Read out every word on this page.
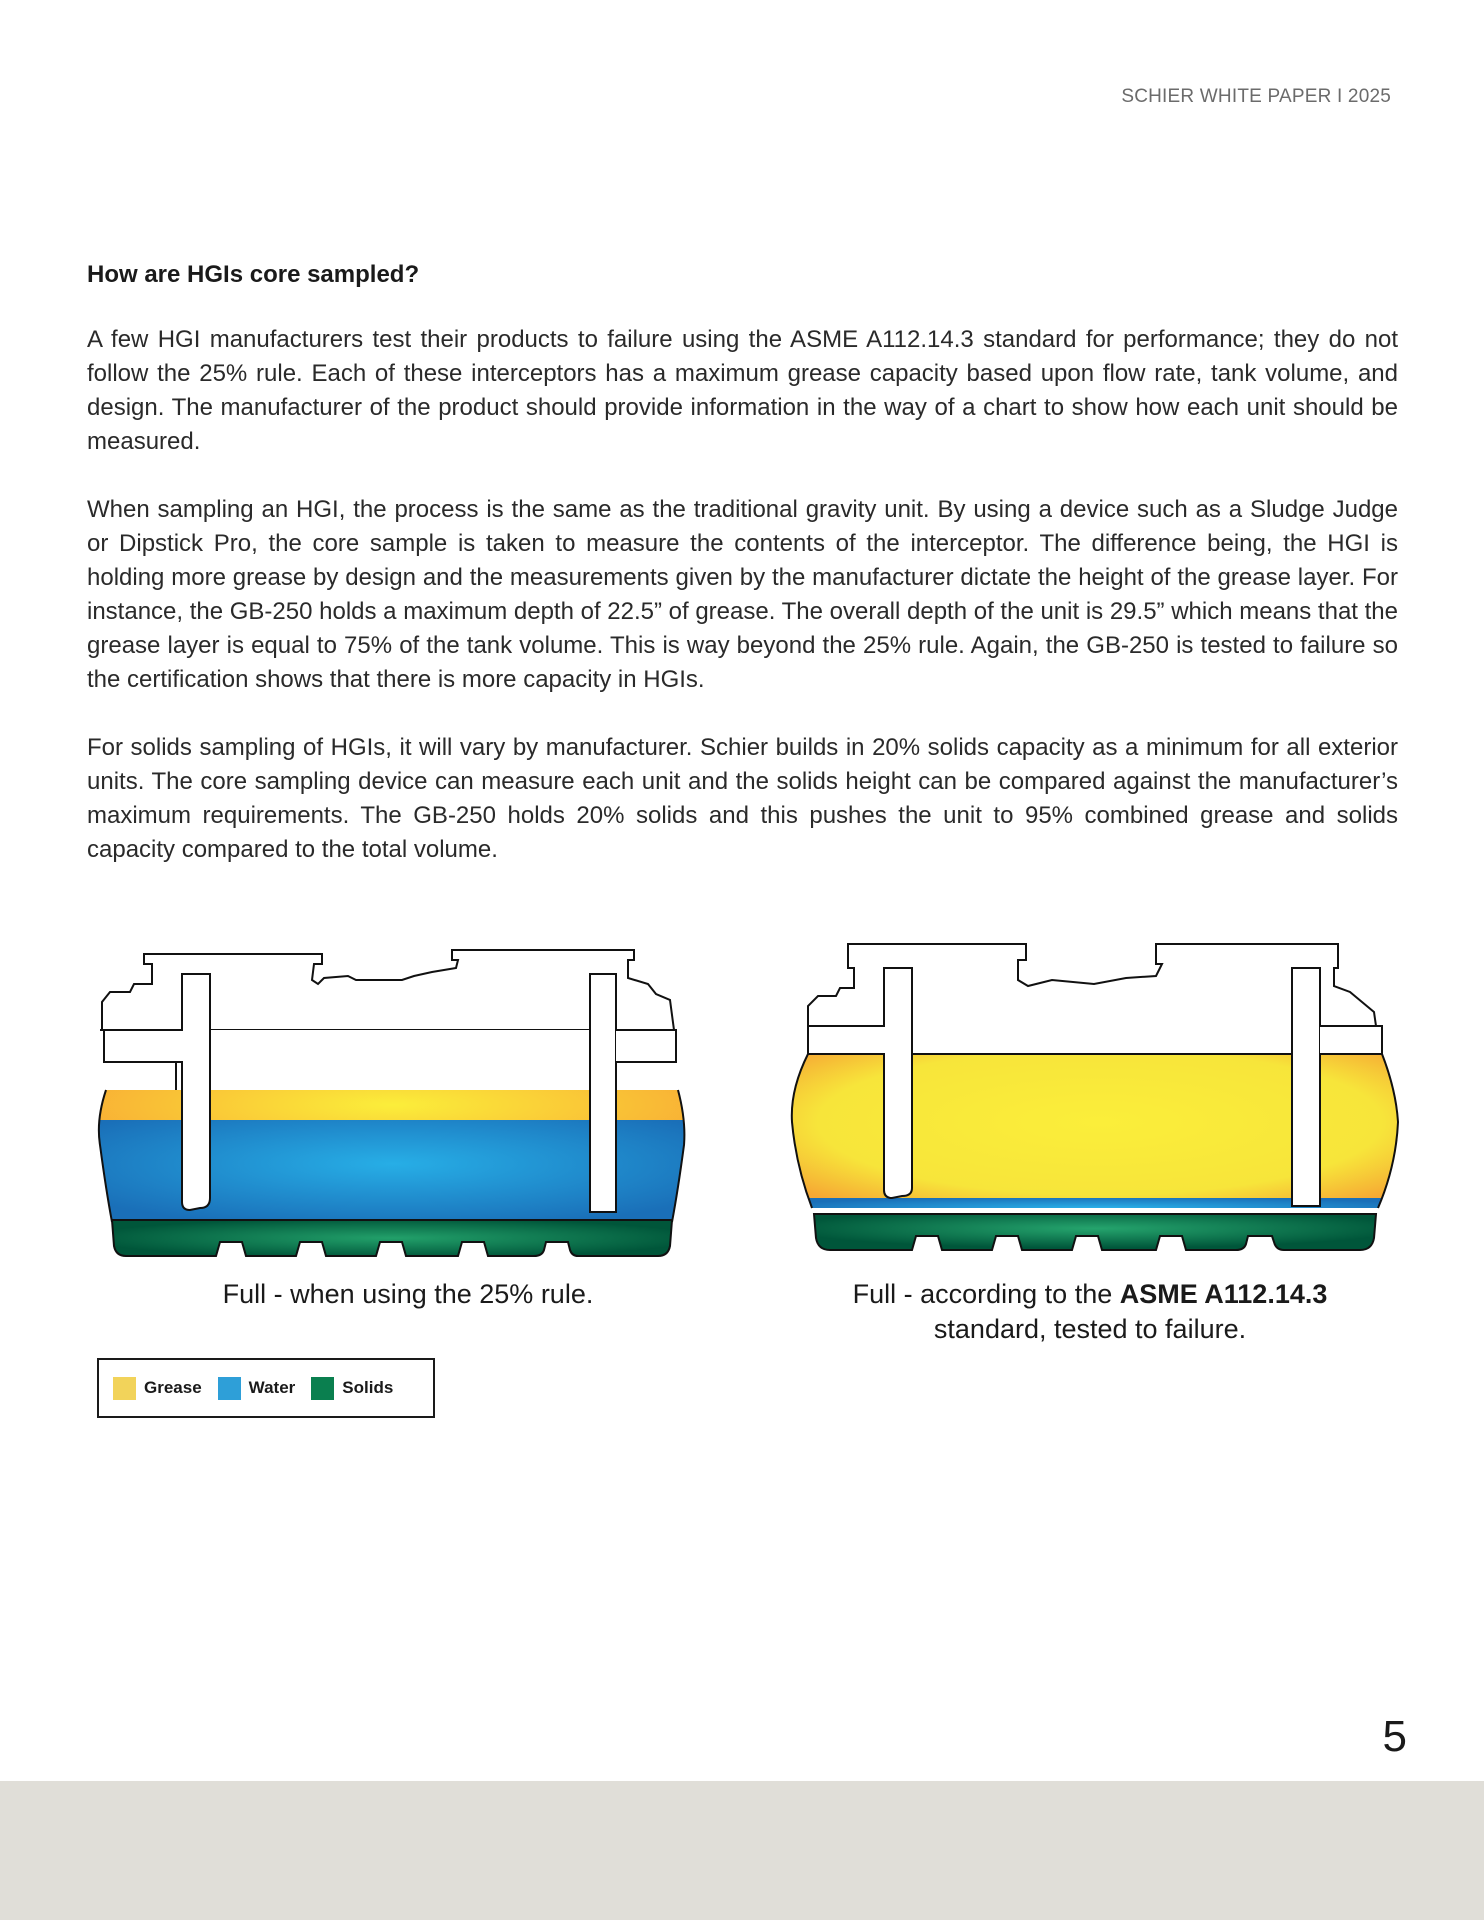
SCHIER WHITE PAPER I 2025
How are HGIs core sampled?

A few HGI manufacturers test their products to failure using the ASME A112.14.3 standard for performance; they do not follow the 25% rule. Each of these interceptors has a maximum grease capacity based upon flow rate, tank volume, and design. The manufacturer of the product should provide information in the way of a chart to show how each unit should be measured.

When sampling an HGI, the process is the same as the traditional gravity unit. By using a device such as a Sludge Judge or Dipstick Pro, the core sample is taken to measure the contents of the interceptor. The difference being, the HGI is holding more grease by design and the measurements given by the manufacturer dictate the height of the grease layer. For instance, the GB-250 holds a maximum depth of 22.5” of grease. The overall depth of the unit is 29.5” which means that the grease layer is equal to 75% of the tank volume. This is way beyond the 25% rule. Again, the GB-250 is tested to failure so the certification shows that there is more capacity in HGIs.

For solids sampling of HGIs, it will vary by manufacturer. Schier builds in 20% solids capacity as a minimum for all exterior units. The core sampling device can measure each unit and the solids height can be compared against the manufacturer’s maximum requirements. The GB-250 holds 20% solids and this pushes the unit to 95% combined grease and solids capacity compared to the total volume.

Full - when using the 25% rule.	Full - according to the ASME A112.14.3
standard, tested to failure.
Grease	Water	Solids
5
